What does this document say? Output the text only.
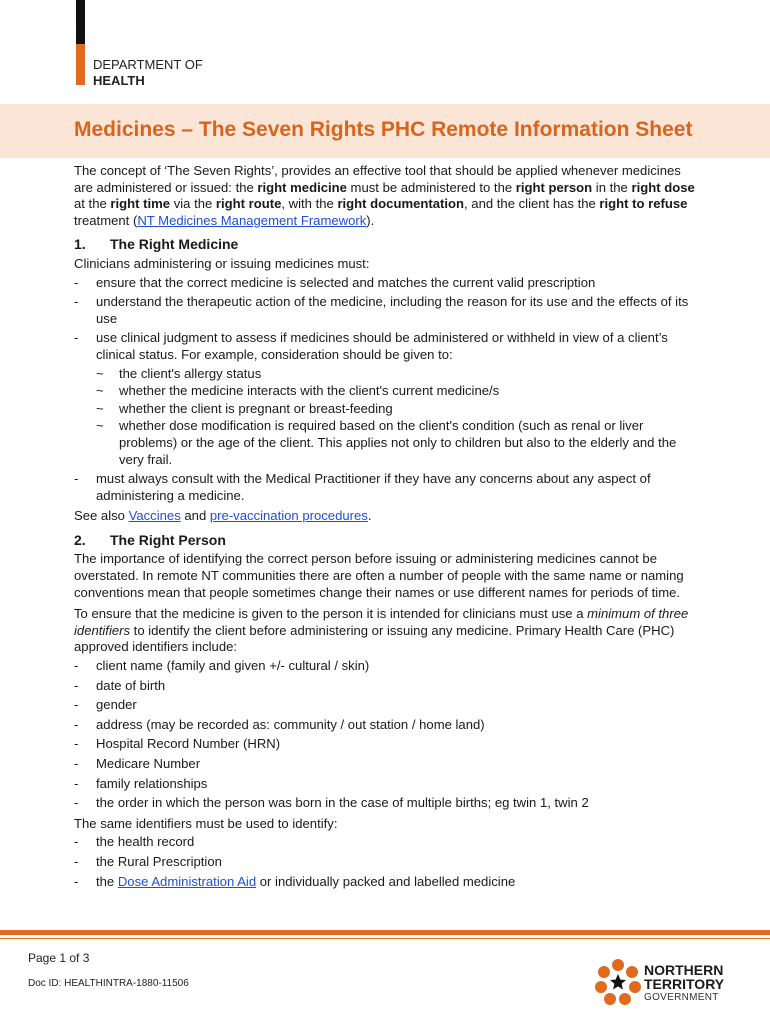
DEPARTMENT OF
HEALTH
Medicines – The Seven Rights PHC Remote Information Sheet

The concept of ‘The Seven Rights’, provides an effective tool that should be applied whenever medicines are administered or issued: the right medicine must be administered to the right person in the right dose at the right time via the right route, with the right documentation, and the client has the right to refuse treatment (NT Medicines Management Framework).

1.	The Right Medicine

Clinicians administering or issuing medicines must:

- ensure that the correct medicine is selected and matches the current valid prescription
- understand the therapeutic action of the medicine, including the reason for its use and the effects of its use
- use clinical judgment to assess if medicines should be administered or withheld in view of a client’s clinical status. For example, consideration should be given to:
~ the client's allergy status
~ whether the medicine interacts with the client's current medicine/s
~ whether the client is pregnant or breast-feeding
~ whether dose modification is required based on the client's condition (such as renal or liver problems) or the age of the client. This applies not only to children but also to the elderly and the very frail.
- must always consult with the Medical Practitioner if they have any concerns about any aspect of administering a medicine.

See also Vaccines and pre-vaccination procedures.

2.	The Right Person

The importance of identifying the correct person before issuing or administering medicines cannot be overstated. In remote NT communities there are often a number of people with the same name or naming conventions mean that people sometimes change their names or use different names for periods of time.

To ensure that the medicine is given to the person it is intended for clinicians must use a minimum of three identifiers to identify the client before administering or issuing any medicine. Primary Health Care (PHC) approved identifiers include:

- client name (family and given +/- cultural / skin)
- date of birth
- gender
- address (may be recorded as: community / out station / home land)
- Hospital Record Number (HRN)
- Medicare Number
- family relationships
- the order in which the person was born in the case of multiple births; eg twin 1, twin 2

The same identifiers must be used to identify:

- the health record
- the Rural Prescription
- the Dose Administration Aid or individually packed and labelled medicine
Page 1 of 3
Doc ID: HEALTHINTRA-1880-11506
NORTHERN
TERRITORY
GOVERNMENT
